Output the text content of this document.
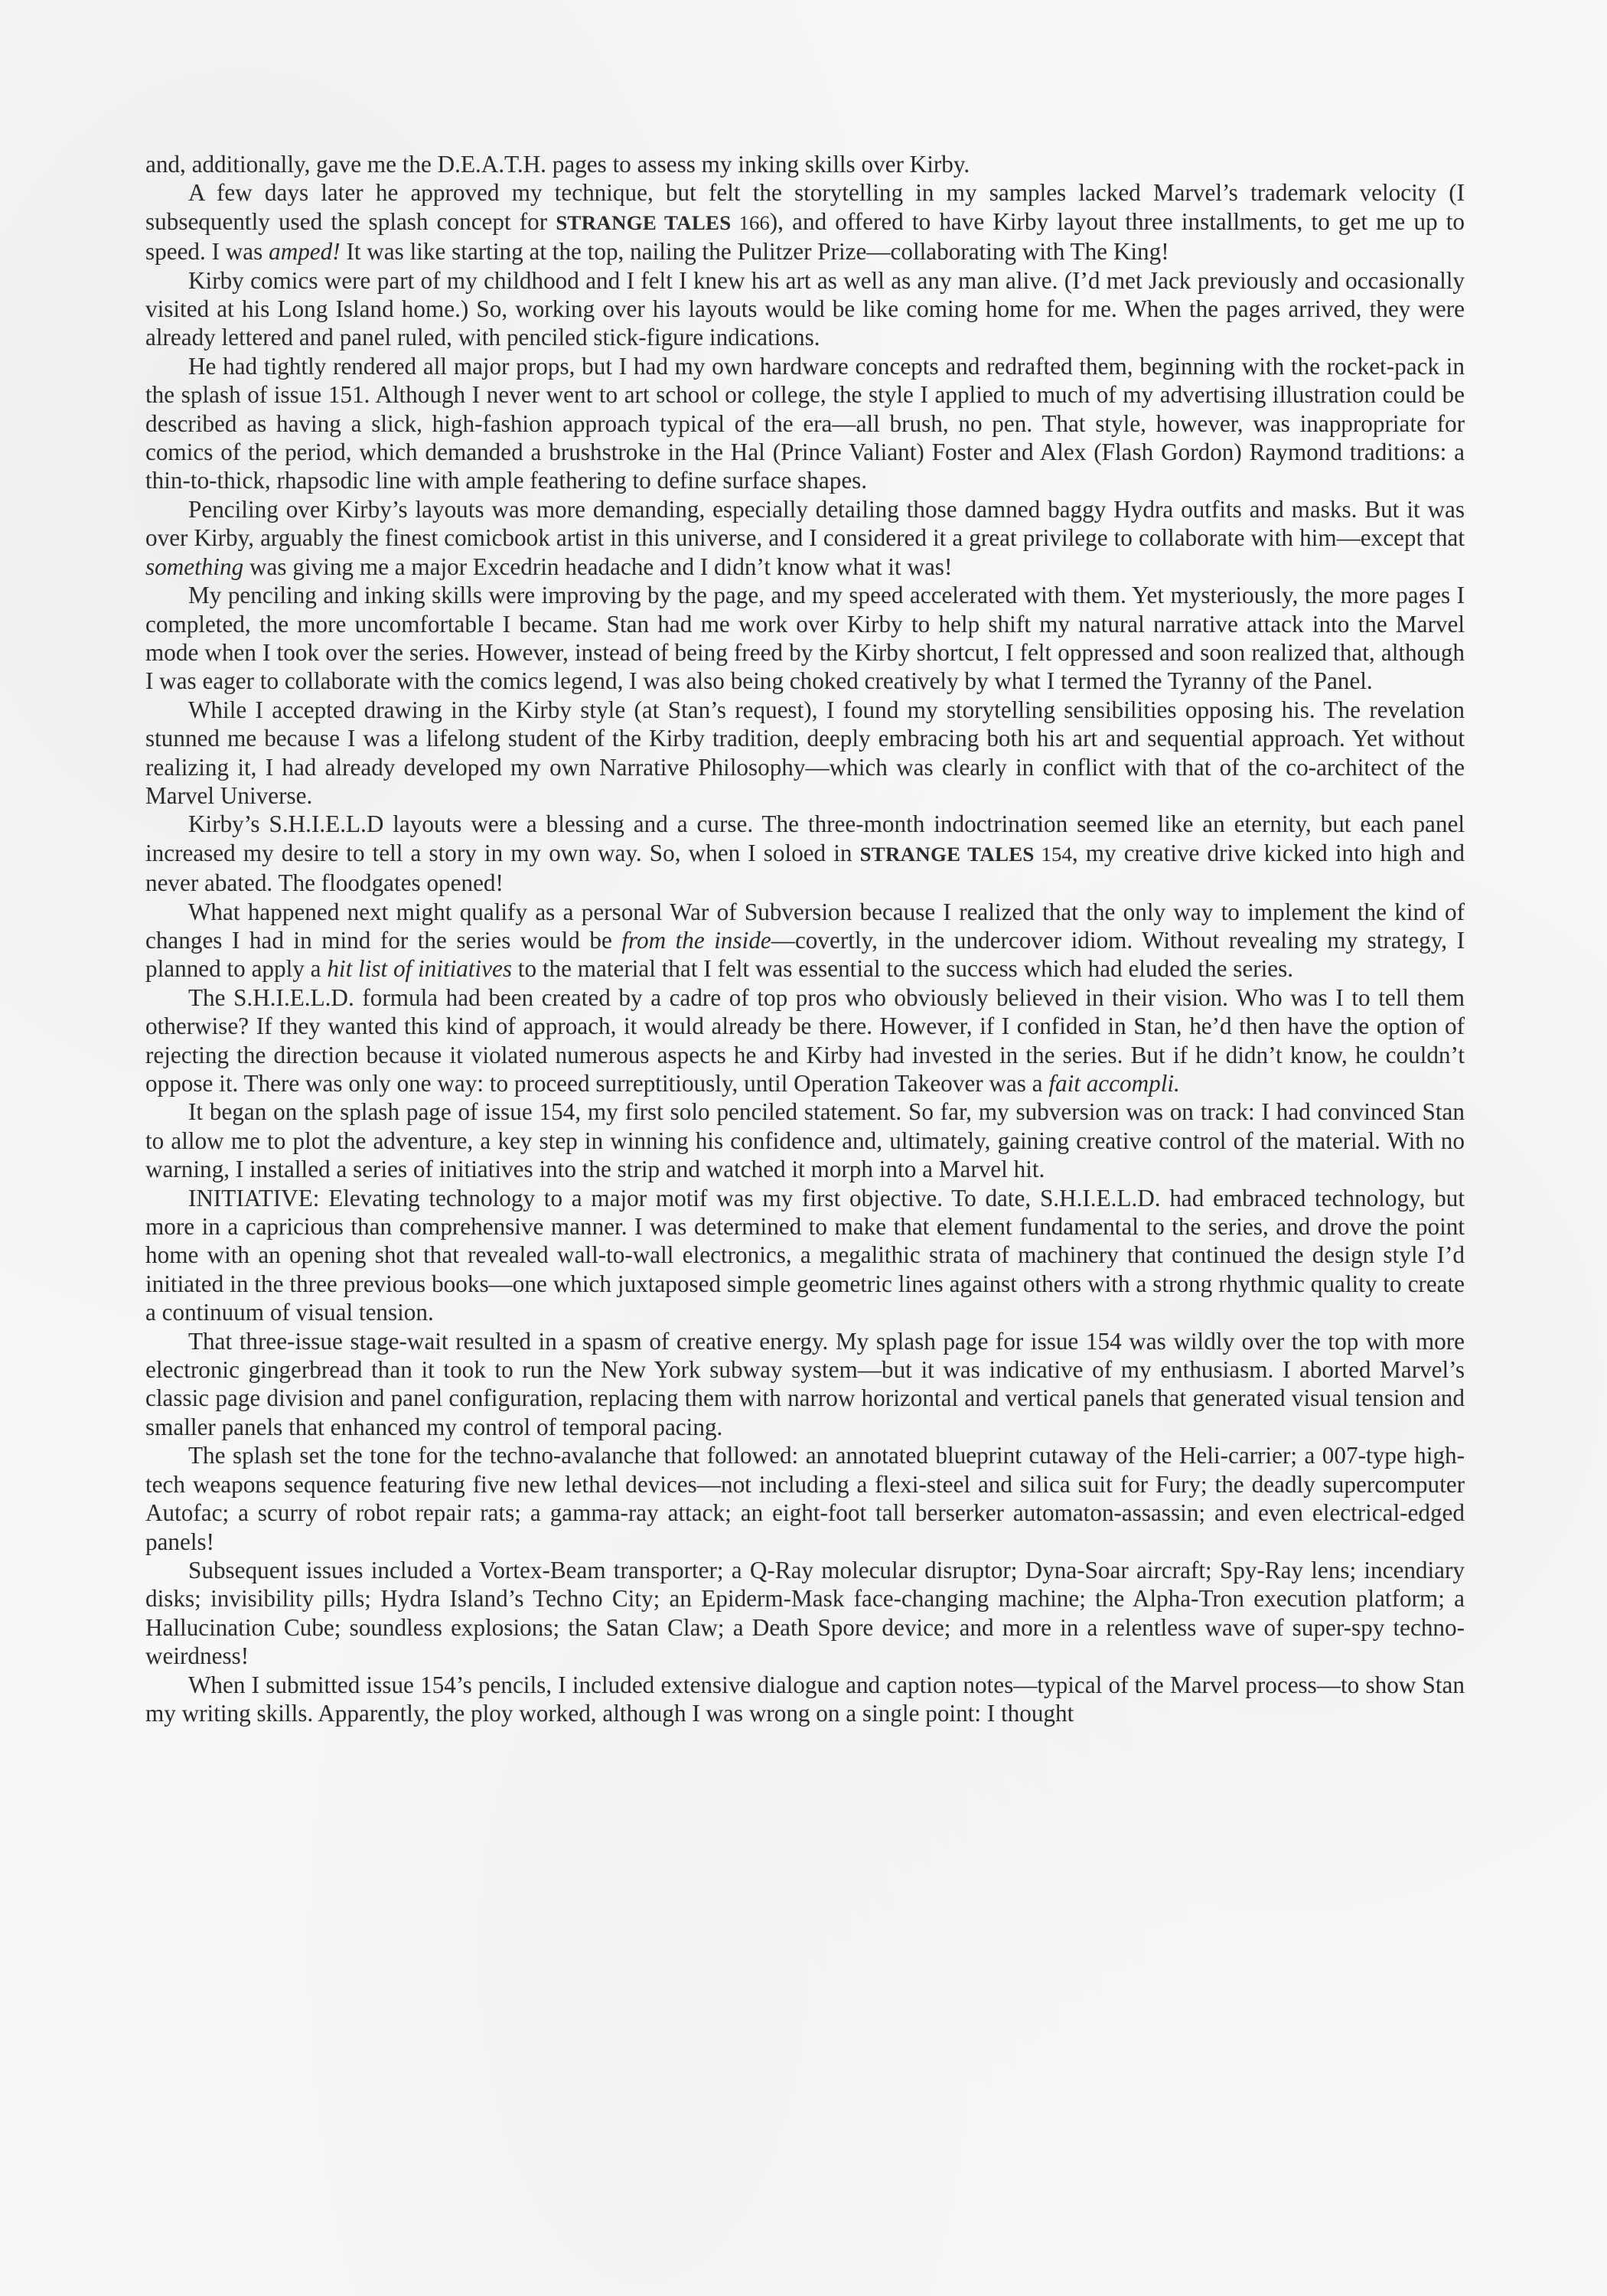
and, additionally, gave me the D.E.A.T.H. pages to assess my inking skills over Kirby.

A few days later he approved my technique, but felt the storytelling in my samples lacked Marvel’s trademark velocity (I subsequently used the splash concept for STRANGE TALES 166), and offered to have Kirby layout three installments, to get me up to speed. I was amped! It was like starting at the top, nailing the Pulitzer Prize—collaborating with The King!

Kirby comics were part of my childhood and I felt I knew his art as well as any man alive. (I’d met Jack previously and occasionally visited at his Long Island home.) So, working over his layouts would be like coming home for me. When the pages arrived, they were already lettered and panel ruled, with penciled stick-figure indications.

He had tightly rendered all major props, but I had my own hardware concepts and redrafted them, beginning with the rocket-pack in the splash of issue 151. Although I never went to art school or college, the style I applied to much of my advertising illustration could be described as having a slick, high-fashion approach typical of the era—all brush, no pen. That style, however, was inappropriate for comics of the period, which demanded a brushstroke in the Hal (Prince Valiant) Foster and Alex (Flash Gordon) Raymond traditions: a thin-to-thick, rhapsodic line with ample feathering to define surface shapes.

Penciling over Kirby’s layouts was more demanding, especially detailing those damned baggy Hydra outfits and masks. But it was over Kirby, arguably the finest comicbook artist in this universe, and I considered it a great privilege to collaborate with him—except that something was giving me a major Excedrin headache and I didn’t know what it was!

My penciling and inking skills were improving by the page, and my speed accelerated with them. Yet mysteriously, the more pages I completed, the more uncomfortable I became. Stan had me work over Kirby to help shift my natural narrative attack into the Marvel mode when I took over the series. However, instead of being freed by the Kirby shortcut, I felt oppressed and soon realized that, although I was eager to collaborate with the comics legend, I was also being choked creatively by what I termed the Tyranny of the Panel.

While I accepted drawing in the Kirby style (at Stan’s request), I found my storytelling sensibilities opposing his. The revelation stunned me because I was a lifelong student of the Kirby tradition, deeply embracing both his art and sequential approach. Yet without realizing it, I had already developed my own Narrative Philosophy—which was clearly in conflict with that of the co-architect of the Marvel Universe.

Kirby’s S.H.I.E.L.D layouts were a blessing and a curse. The three-month indoctrination seemed like an eternity, but each panel increased my desire to tell a story in my own way. So, when I soloed in STRANGE TALES 154, my creative drive kicked into high and never abated. The floodgates opened!

What happened next might qualify as a personal War of Subversion because I realized that the only way to implement the kind of changes I had in mind for the series would be from the inside—covertly, in the undercover idiom. Without revealing my strategy, I planned to apply a hit list of initiatives to the material that I felt was essential to the success which had eluded the series.

The S.H.I.E.L.D. formula had been created by a cadre of top pros who obviously believed in their vision. Who was I to tell them otherwise? If they wanted this kind of approach, it would already be there. However, if I confided in Stan, he’d then have the option of rejecting the direction because it violated numerous aspects he and Kirby had invested in the series. But if he didn’t know, he couldn’t oppose it. There was only one way: to proceed surreptitiously, until Operation Takeover was a fait accompli.

It began on the splash page of issue 154, my first solo penciled statement. So far, my subversion was on track: I had convinced Stan to allow me to plot the adventure, a key step in winning his confidence and, ultimately, gaining creative control of the material. With no warning, I installed a series of initiatives into the strip and watched it morph into a Marvel hit.

INITIATIVE: Elevating technology to a major motif was my first objective. To date, S.H.I.E.L.D. had embraced technology, but more in a capricious than comprehensive manner. I was determined to make that element fundamental to the series, and drove the point home with an opening shot that revealed wall-to-wall electronics, a megalithic strata of machinery that continued the design style I’d initiated in the three previous books—one which juxtaposed simple geometric lines against others with a strong rhythmic quality to create a continuum of visual tension.

That three-issue stage-wait resulted in a spasm of creative energy. My splash page for issue 154 was wildly over the top with more electronic gingerbread than it took to run the New York subway system—but it was indicative of my enthusiasm. I aborted Marvel’s classic page division and panel configuration, replacing them with narrow horizontal and vertical panels that generated visual tension and smaller panels that enhanced my control of temporal pacing.

The splash set the tone for the techno-avalanche that followed: an annotated blueprint cutaway of the Heli-carrier; a 007-type high-tech weapons sequence featuring five new lethal devices—not including a flexi-steel and silica suit for Fury; the deadly supercomputer Autofac; a scurry of robot repair rats; a gamma-ray attack; an eight-foot tall berserker automaton-assassin; and even electrical-edged panels!

Subsequent issues included a Vortex-Beam transporter; a Q-Ray molecular disruptor; Dyna-Soar aircraft; Spy-Ray lens; incendiary disks; invisibility pills; Hydra Island’s Techno City; an Epiderm-Mask face-changing machine; the Alpha-Tron execution platform; a Hallucination Cube; soundless explosions; the Satan Claw; a Death Spore device; and more in a relentless wave of super-spy techno-weirdness!

When I submitted issue 154’s pencils, I included extensive dialogue and caption notes—typical of the Marvel process—to show Stan my writing skills. Apparently, the ploy worked, although I was wrong on a single point: I thought
